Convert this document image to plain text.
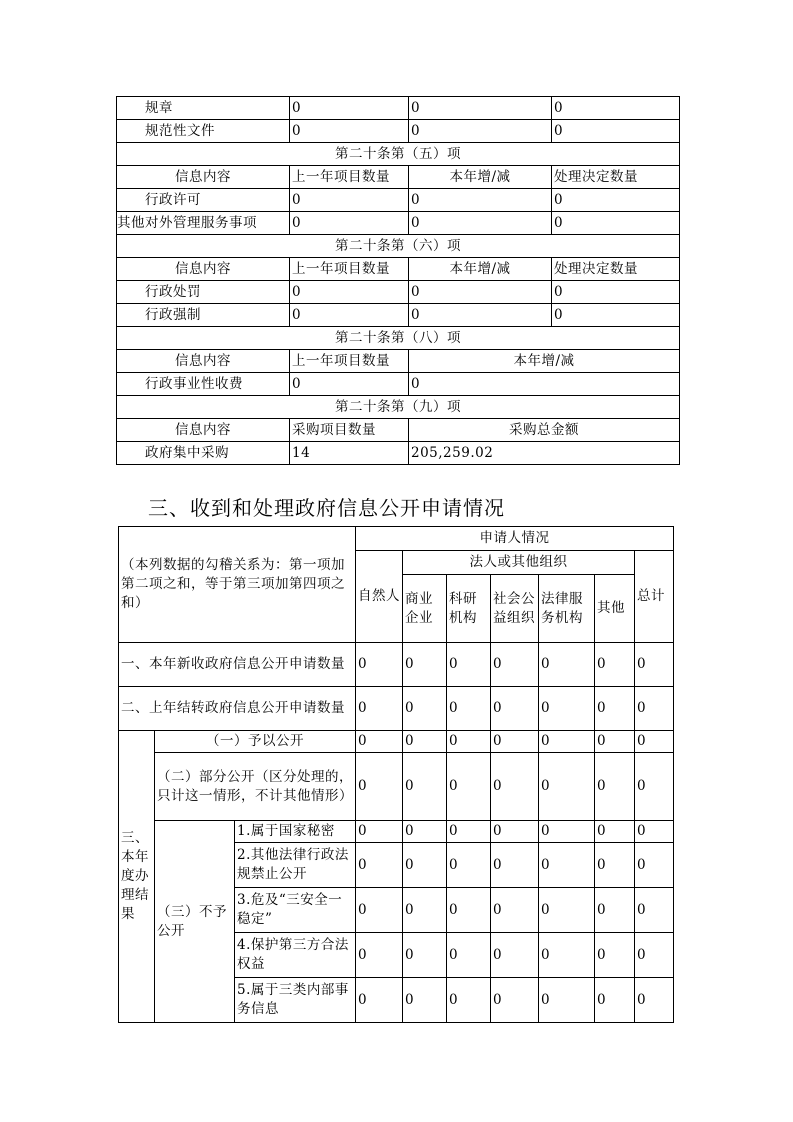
规章	0	0	0
规范性文件	0	0	0
第二十条第（五）项			
信息内容	上一年项目数量	本年增/减	处理决定数量
行政许可	0	0	0
其他对外管理服务事项	0	0	0
第二十条第（六）项			
信息内容	上一年项目数量	本年增/减	处理决定数量
行政处罚	0	0	0
行政强制	0	0	0
第二十条第（八）项			
信息内容	上一年项目数量	本年增/减	
行政事业性收费	0	0	
第二十条第（九）项			
信息内容	采购项目数量	采购总金额	
政府集中采购	14	205,259.02	
三、收到和处理政府信息公开申请情况
（本列数据的勾稽关系为：第一项加第二项之和，等于第三项加第四项之和）			申请人情况						
			自然人	法人或其他组织					总计
				商业企业	科研机构	社会公益组织	法律服务机构	其他	
一、本年新收政府信息公开申请数量			0	0	0	0	0	0	0
二、上年结转政府信息公开申请数量			0	0	0	0	0	0	0
三、本年度办理结果	（一）予以公开		0	0	0	0	0	0	0
	（二）部分公开（区分处理的，只计这一情形，不计其他情形）		0	0	0	0	0	0	0
	（三）不予公开	1.属于国家秘密	0	0	0	0	0	0	0
		2.其他法律行政法规禁止公开	0	0	0	0	0	0	0
		3.危及“三安全一稳定”	0	0	0	0	0	0	0
		4.保护第三方合法权益	0	0	0	0	0	0	0
		5.属于三类内部事务信息	0	0	0	0	0	0	0
